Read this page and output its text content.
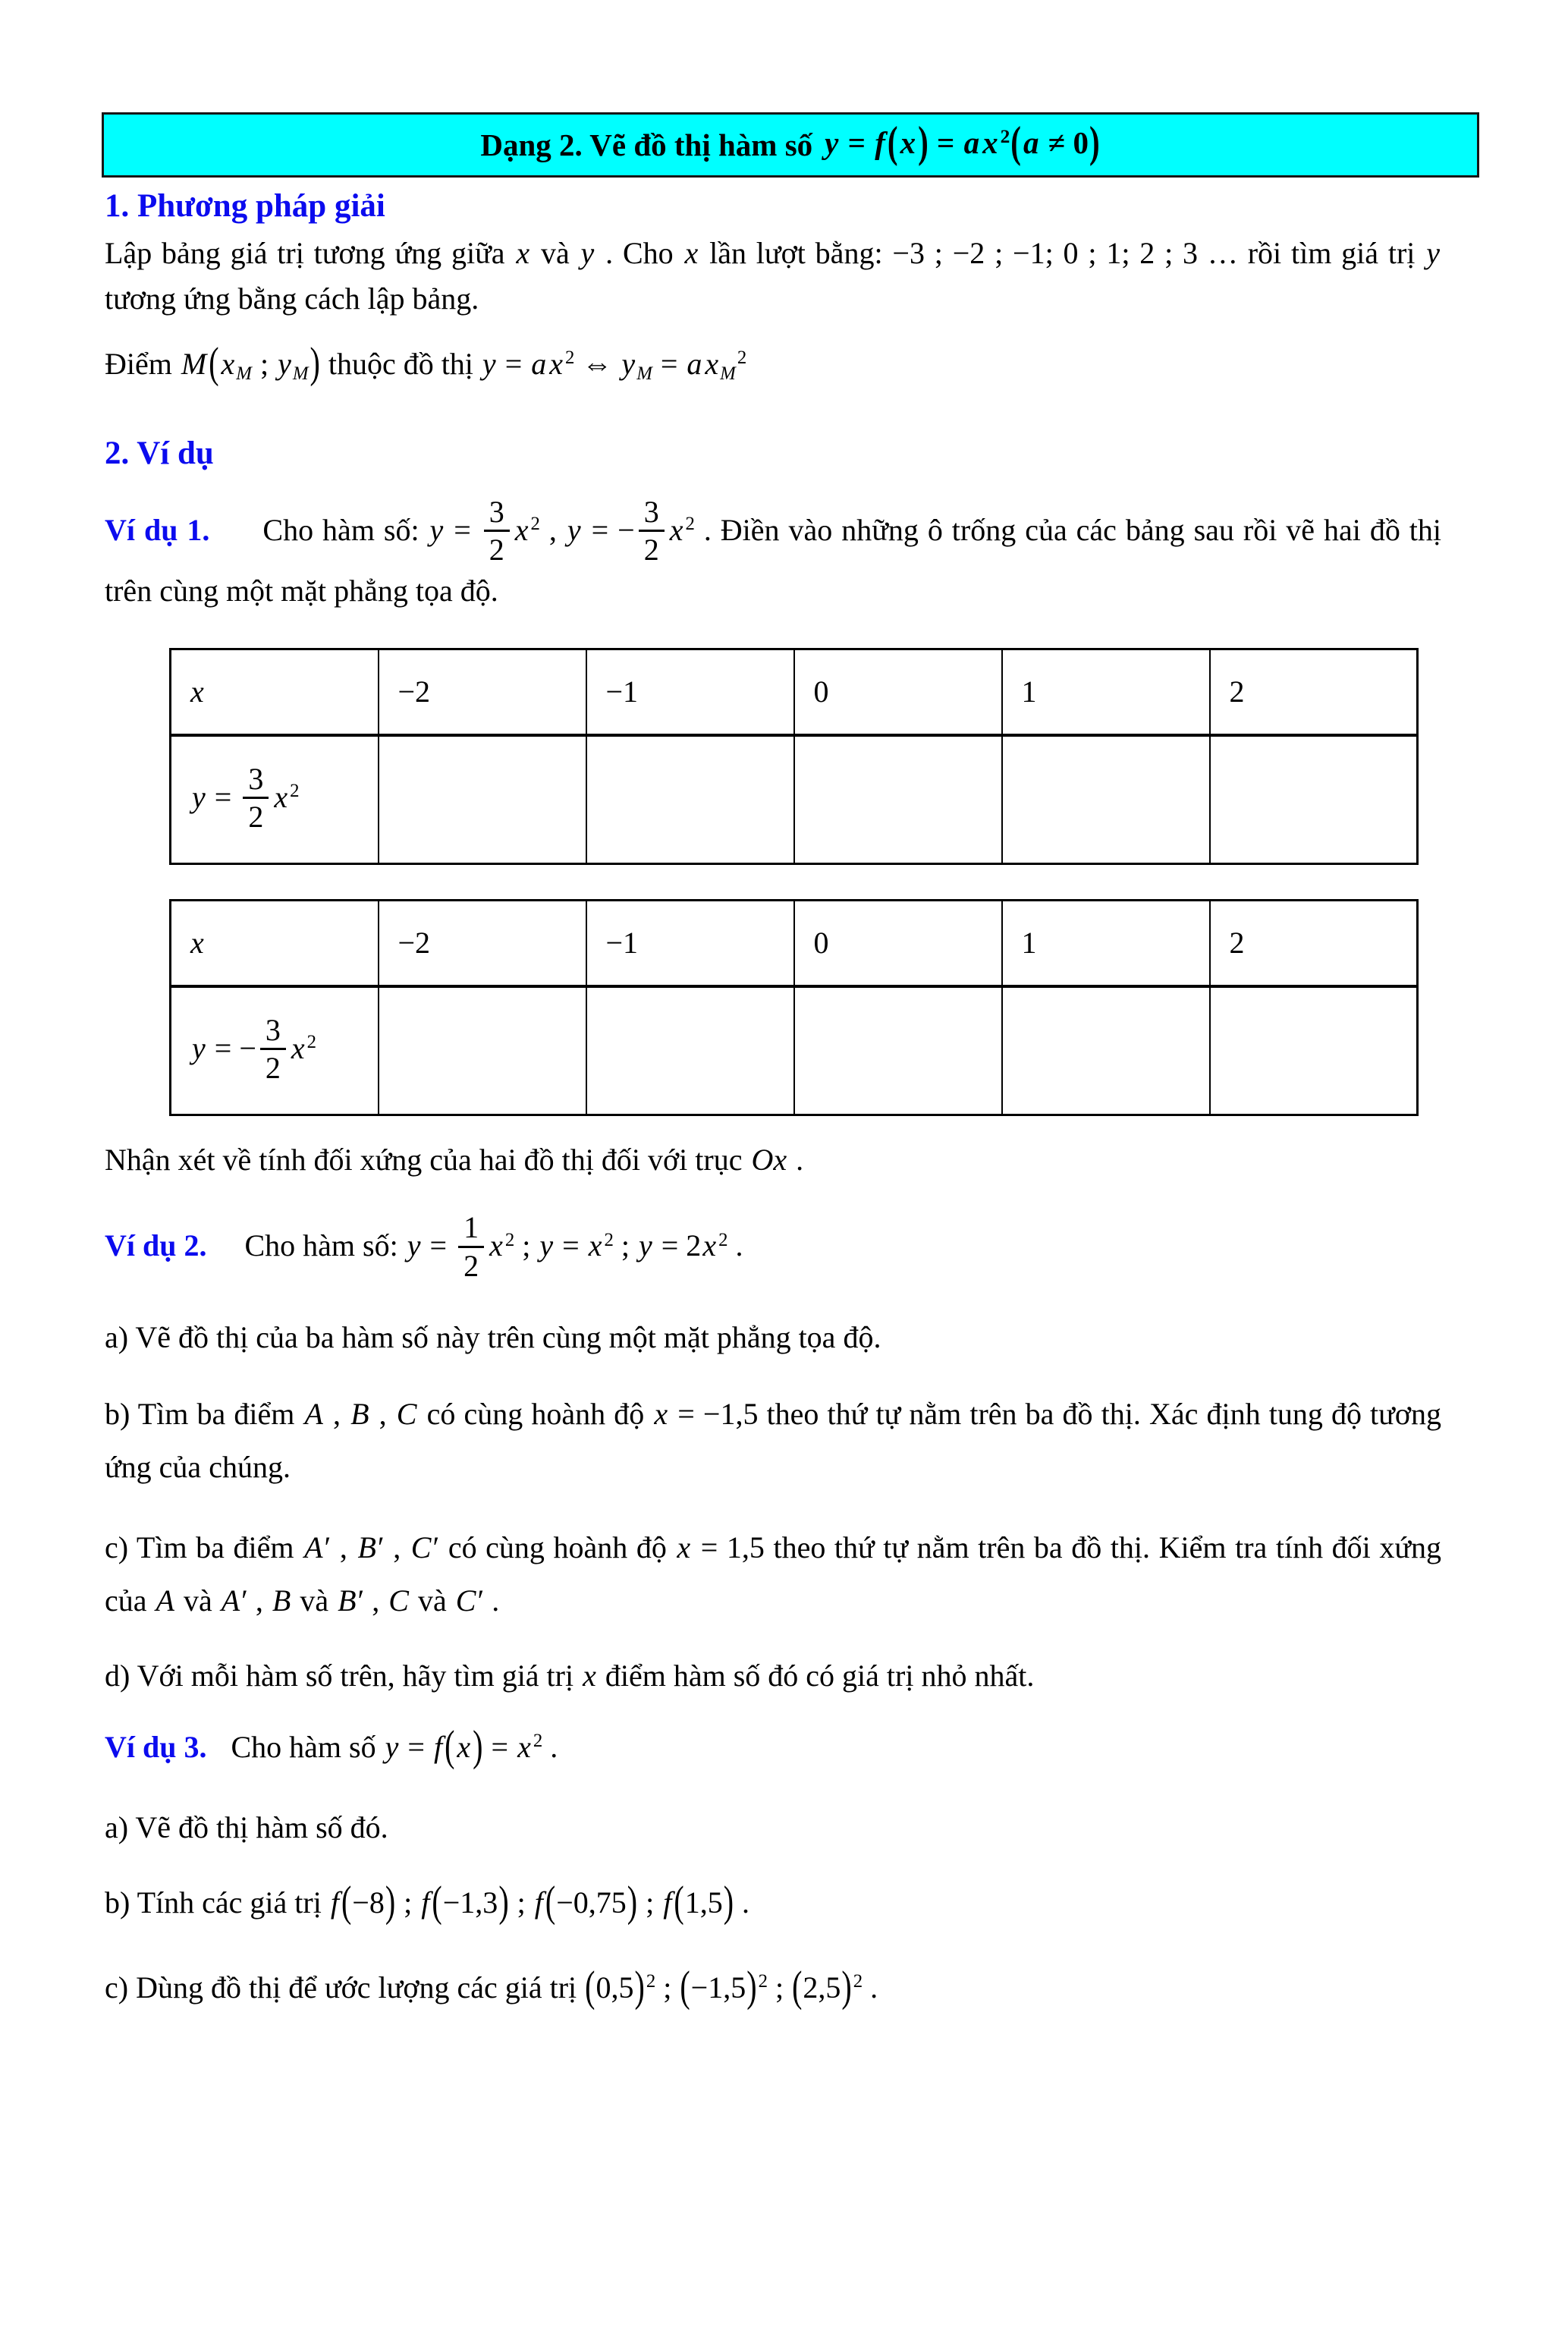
Dạng 2. Vẽ đồ thị hàm số y = f(x) = ax $^2$(a ≠ 0)
1. Phương pháp giải

Lập bảng giá trị tương ứng giữa x và y . Cho x lần lượt bằng: −3 ; −2 ; −1; 0 ; 1; 2 ; 3 … rồi tìm giá trị y tương ứng bằng cách lập bảng.

Điểm M(xM ; yM) thuộc đồ thị y = a x $^2$ ⇔ yM = a $xM^2$

2. Ví dụ

Ví dụ 1. Cho hàm số: $y = \frac{3}{2}$ x $^2$ , y = − $\frac{3}{2}$ x $^2$ . Điền vào những ô trống của các bảng sau rồi vẽ hai đồ thị trên cùng một mặt phẳng tọa độ.

x	−2	−1	0	1	2
$y = \frac{3}{2}$ x $^2$					
x	−2	−1	0	1	2
y = − $\frac{3}{2}$ x $^2$					

Nhận xét về tính đối xứng của hai đồ thị đối với trục Ox .

Ví dụ 2. Cho hàm số: $y = \frac{1}{2}$ x $^2$ ; y = x $^2$ ; y = 2x $^2$ .

a) Vẽ đồ thị của ba hàm số này trên cùng một mặt phẳng tọa độ.

b) Tìm ba điểm A , B , C có cùng hoành độ x = −1,5 theo thứ tự nằm trên ba đồ thị. Xác định tung độ tương ứng của chúng.

c) Tìm ba điểm A′ , B′ , C′ có cùng hoành độ x = 1,5 theo thứ tự nằm trên ba đồ thị. Kiểm tra tính đối xứng của A và A′ , B và B′ , C và C′ .

d) Với mỗi hàm số trên, hãy tìm giá trị x điểm hàm số đó có giá trị nhỏ nhất.

Ví dụ 3. Cho hàm số y = f(x) = x $^2$ .

a) Vẽ đồ thị hàm số đó.

b) Tính các giá trị f(−8) ; f(−1,3) ; f(−0,75) ; f(1,5) .

c) Dùng đồ thị để ước lượng các giá trị $(0,5)^2$ ; $(-1,5)^2$ ; $(2,5)^2$ .
